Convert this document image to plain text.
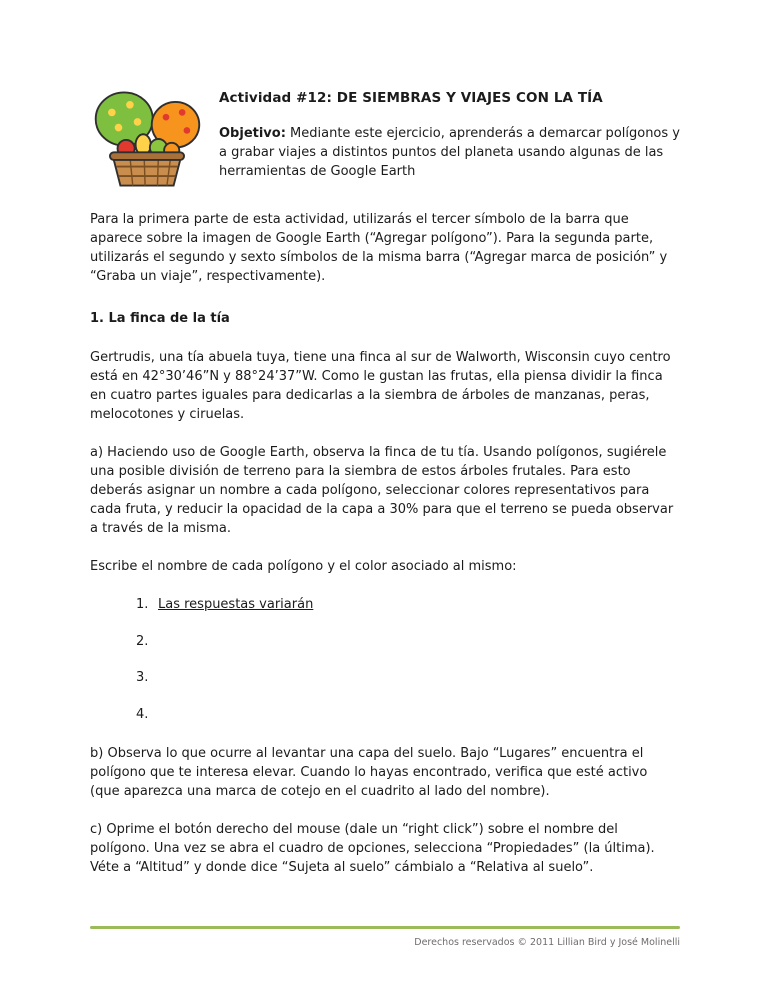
Actividad #12: DE SIEMBRAS Y VIAJES CON LA TÍA

Objetivo: Mediante este ejercicio, aprenderás a demarcar polígonos y a grabar viajes a distintos puntos del planeta usando algunas de las herramientas de Google Earth

Para la primera parte de esta actividad, utilizarás el tercer símbolo de la barra que aparece sobre la imagen de Google Earth (“Agregar polígono”). Para la segunda parte, utilizarás el segundo y sexto símbolos de la misma barra (“Agregar marca de posición” y “Graba un viaje”, respectivamente).

1. La finca de la tía

Gertrudis, una tía abuela tuya, tiene una finca al sur de Walworth, Wisconsin cuyo centro está en 42°30’46”N y 88°24’37”W. Como le gustan las frutas, ella piensa dividir la finca en cuatro partes iguales para dedicarlas a la siembra de árboles de manzanas, peras, melocotones y ciruelas.

a) Haciendo uso de Google Earth, observa la finca de tu tía. Usando polígonos, sugiérele una posible división de terreno para la siembra de estos árboles frutales. Para esto deberás asignar un nombre a cada polígono, seleccionar colores representativos para cada fruta, y reducir la opacidad de la capa a 30% para que el terreno se pueda observar a través de la misma.

Escribe el nombre de cada polígono y el color asociado al mismo:

1. Las respuestas variarán
2.
3.
4.

b) Observa lo que ocurre al levantar una capa del suelo. Bajo “Lugares” encuentra el polígono que te interesa elevar. Cuando lo hayas encontrado, verifica que esté activo (que aparezca una marca de cotejo en el cuadrito al lado del nombre).

c) Oprime el botón derecho del mouse (dale un “right click”) sobre el nombre del polígono. Una vez se abra el cuadro de opciones, selecciona “Propiedades” (la última). Véte a “Altitud” y donde dice “Sujeta al suelo” cámbialo a “Relativa al suelo”.

Derechos reservados © 2011 Lillian Bird y José Molinelli
